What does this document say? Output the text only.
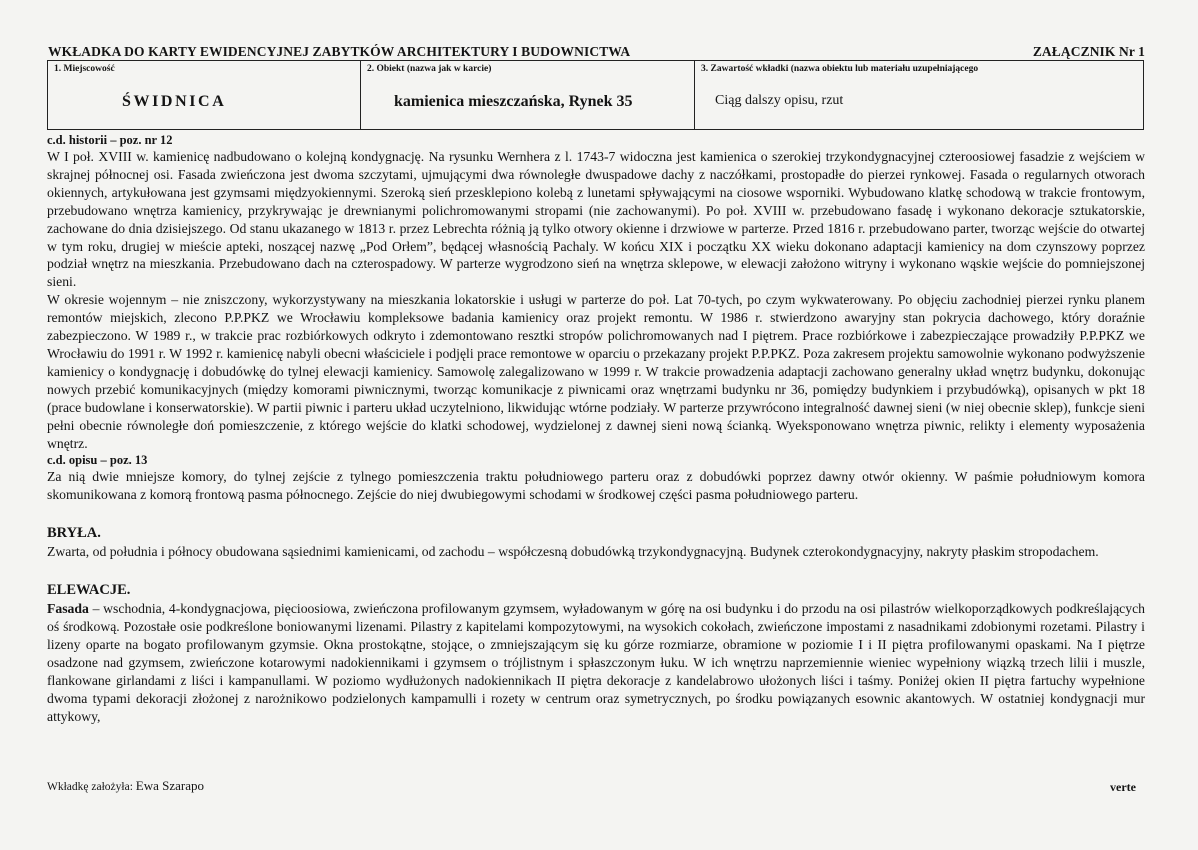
WKŁADKA DO KARTY EWIDENCYJNEJ ZABYTKÓW ARCHITEKTURY I BUDOWNICTWA	ZAŁĄCZNIK Nr 1
1. Miejscowość
ŚWIDNICA
2. Obiekt (nazwa jak w karcie)
kamienica mieszczańska, Rynek 35
3. Zawartość wkładki (nazwa obiektu lub materiału uzupełniającego
Ciąg dalszy opisu, rzut

c.d. historii – poz. nr 12

W I poł. XVIII w. kamienicę nadbudowano o kolejną kondygnację. Na rysunku Wernhera z l. 1743-7 widoczna jest kamienica o szerokiej trzykondygnacyjnej czteroosiowej fasadzie z wejściem w skrajnej północnej osi. Fasada zwieńczona jest dwoma szczytami, ujmującymi dwa równoległe dwuspadowe dachy z naczółkami, prostopadłe do pierzei rynkowej. Fasada o regularnych otworach okiennych, artykułowana jest gzymsami międzyokiennymi. Szeroką sień przesklepiono kolebą z lunetami spływającymi na ciosowe wsporniki. Wybudowano klatkę schodową w trakcie frontowym, przebudowano wnętrza kamienicy, przykrywając je drewnianymi polichromowanymi stropami (nie zachowanymi). Po poł. XVIII w. przebudowano fasadę i wykonano dekoracje sztukatorskie, zachowane do dnia dzisiejszego. Od stanu ukazanego w 1813 r. przez Lebrechta różnią ją tylko otwory okienne i drzwiowe w parterze. Przed 1816 r. przebudowano parter, tworząc wejście do otwartej w tym roku, drugiej w mieście apteki, noszącej nazwę „Pod Orłem”, będącej własnością Pachaly. W końcu XIX i początku XX wieku dokonano adaptacji kamienicy na dom czynszowy poprzez podział wnętrz na mieszkania. Przebudowano dach na czterospadowy. W parterze wygrodzono sień na wnętrza sklepowe, w elewacji założono witryny i wykonano wąskie wejście do pomniejszonej sieni.

W okresie wojennym – nie zniszczony, wykorzystywany na mieszkania lokatorskie i usługi w parterze do poł. Lat 70-tych, po czym wykwaterowany. Po objęciu zachodniej pierzei rynku planem remontów miejskich, zlecono P.P.PKZ we Wrocławiu kompleksowe badania kamienicy oraz projekt remontu. W 1986 r. stwierdzono awaryjny stan pokrycia dachowego, który doraźnie zabezpieczono. W 1989 r., w trakcie prac rozbiórkowych odkryto i zdemontowano resztki stropów polichromowanych nad I piętrem. Prace rozbiórkowe i zabezpieczające prowadziły P.P.PKZ we Wrocławiu do 1991 r. W 1992 r. kamienicę nabyli obecni właściciele i podjęli prace remontowe w oparciu o przekazany projekt P.P.PKZ. Poza zakresem projektu samowolnie wykonano podwyższenie kamienicy o kondygnację i dobudówkę do tylnej elewacji kamienicy. Samowolę zalegalizowano w 1999 r. W trakcie prowadzenia adaptacji zachowano generalny układ wnętrz budynku, dokonując nowych przebić komunikacyjnych (między komorami piwnicznymi, tworząc komunikacje z piwnicami oraz wnętrzami budynku nr 36, pomiędzy budynkiem i przybudówką), opisanych w pkt 18 (prace budowlane i konserwatorskie). W partii piwnic i parteru układ uczytelniono, likwidując wtórne podziały. W parterze przywrócono integralność dawnej sieni (w niej obecnie sklep), funkcje sieni pełni obecnie równoległe doń pomieszczenie, z którego wejście do klatki schodowej, wydzielonej z dawnej sieni nową ścianką. Wyeksponowano wnętrza piwnic, relikty i elementy wyposażenia wnętrz.

c.d. opisu – poz. 13

Za nią dwie mniejsze komory, do tylnej zejście z tylnego pomieszczenia traktu południowego parteru oraz z dobudówki poprzez dawny otwór okienny. W paśmie południowym komora skomunikowana z komorą frontową pasma północnego. Zejście do niej dwubiegowymi schodami w środkowej części pasma południowego parteru.

BRYŁA.

Zwarta, od południa i północy obudowana sąsiednimi kamienicami, od zachodu – współczesną dobudówką trzykondygnacyjną. Budynek czterokondygnacyjny, nakryty płaskim stropodachem.

ELEWACJE.

Fasada – wschodnia, 4-kondygnacjowa, pięcioosiowa, zwieńczona profilowanym gzymsem, wyładowanym w górę na osi budynku i do przodu na osi pilastrów wielkoporządkowych podkreślających oś środkową. Pozostałe osie podkreślone boniowanymi lizenami. Pilastry z kapitelami kompozytowymi, na wysokich cokołach, zwieńczone impostami z nasadnikami zdobionymi rozetami. Pilastry i lizeny oparte na bogato profilowanym gzymsie. Okna prostokątne, stojące, o zmniejszającym się ku górze rozmiarze, obramione w poziomie I i II piętra profilowanymi opaskami. Na I piętrze osadzone nad gzymsem, zwieńczone kotarowymi nadokiennikami i gzymsem o trójlistnym i spłaszczonym łuku. W ich wnętrzu naprzemiennie wieniec wypełniony wiązką trzech lilii i muszle, flankowane girlandami z liści i kampanullami. W poziomo wydłużonych nadokiennikach II piętra dekoracje z kandelabrowo ułożonych liści i taśmy. Poniżej okien II piętra fartuchy wypełnione dwoma typami dekoracji złożonej z narożnikowo podzielonych kampamulli i rozety w centrum oraz symetrycznych, po środku powiązanych esownic akantowych. W ostatniej kondygnacji mur attykowy,

Wkładkę założyła: Ewa Szarapo	verte
